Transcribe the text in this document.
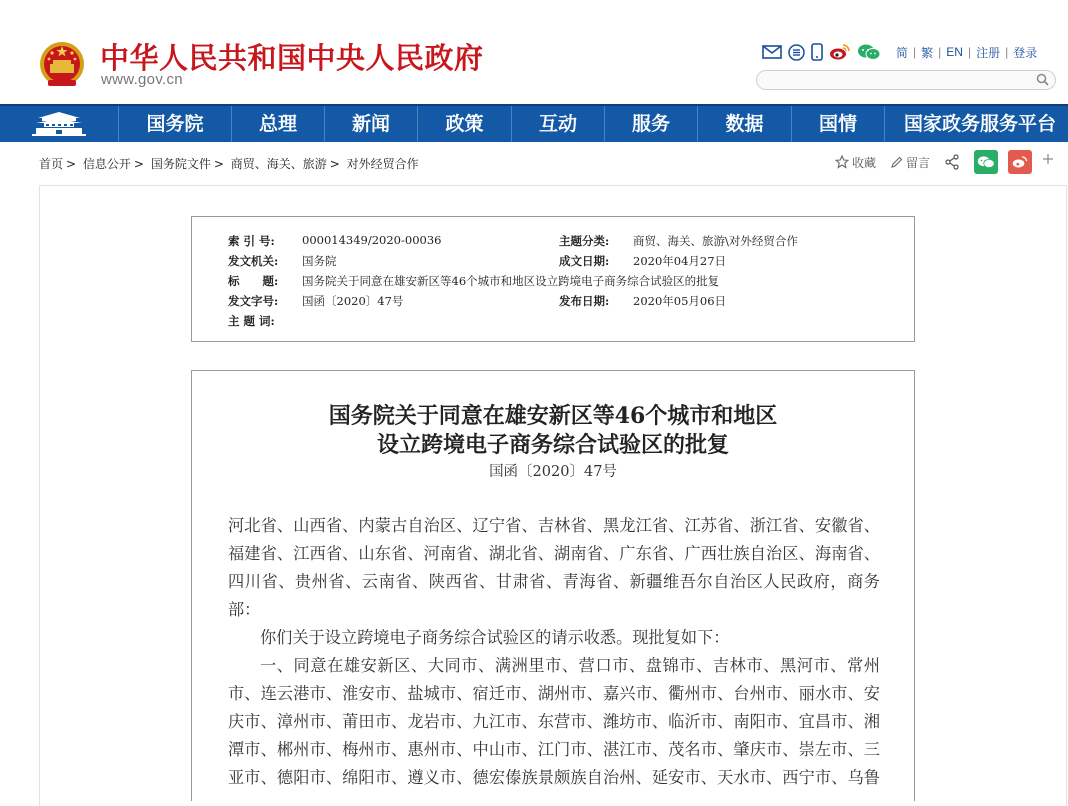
中华人民共和国中央人民政府
www.gov.cn
简 | 繁 | EN | 注册 | 登录
国务院	总理	新闻	政策	互动	服务	数据	国情	国家政务服务平台
首页 > 信息公开 > 国务院文件 > 商贸、海关、旅游 > 对外经贸合作	收藏	留言
索 引 号: 000014349/2020-00036	主题分类: 商贸、海关、旅游\对外经贸合作
发文机关: 国务院	成文日期: 2020年04月27日
标　　题: 国务院关于同意在雄安新区等46个城市和地区设立跨境电子商务综合试验区的批复
发文字号: 国函〔2020〕47号	发布日期: 2020年05月06日
主 题 词:
国务院关于同意在雄安新区等46个城市和地区
设立跨境电子商务综合试验区的批复
国函〔2020〕47号

河北省、山西省、内蒙古自治区、辽宁省、吉林省、黑龙江省、江苏省、浙江省、安徽省、

福建省、江西省、山东省、河南省、湖北省、湖南省、广东省、广西壮族自治区、海南省、

四川省、贵州省、云南省、陕西省、甘肃省、青海省、新疆维吾尔自治区人民政府，商务

部：

你们关于设立跨境电子商务综合试验区的请示收悉。现批复如下：

一、同意在雄安新区、大同市、满洲里市、营口市、盘锦市、吉林市、黑河市、常州

市、连云港市、淮安市、盐城市、宿迁市、湖州市、嘉兴市、衢州市、台州市、丽水市、安

庆市、漳州市、莆田市、龙岩市、九江市、东营市、潍坊市、临沂市、南阳市、宜昌市、湘

潭市、郴州市、梅州市、惠州市、中山市、江门市、湛江市、茂名市、肇庆市、崇左市、三

亚市、德阳市、绵阳市、遵义市、德宏傣族景颇族自治州、延安市、天水市、西宁市、乌鲁
